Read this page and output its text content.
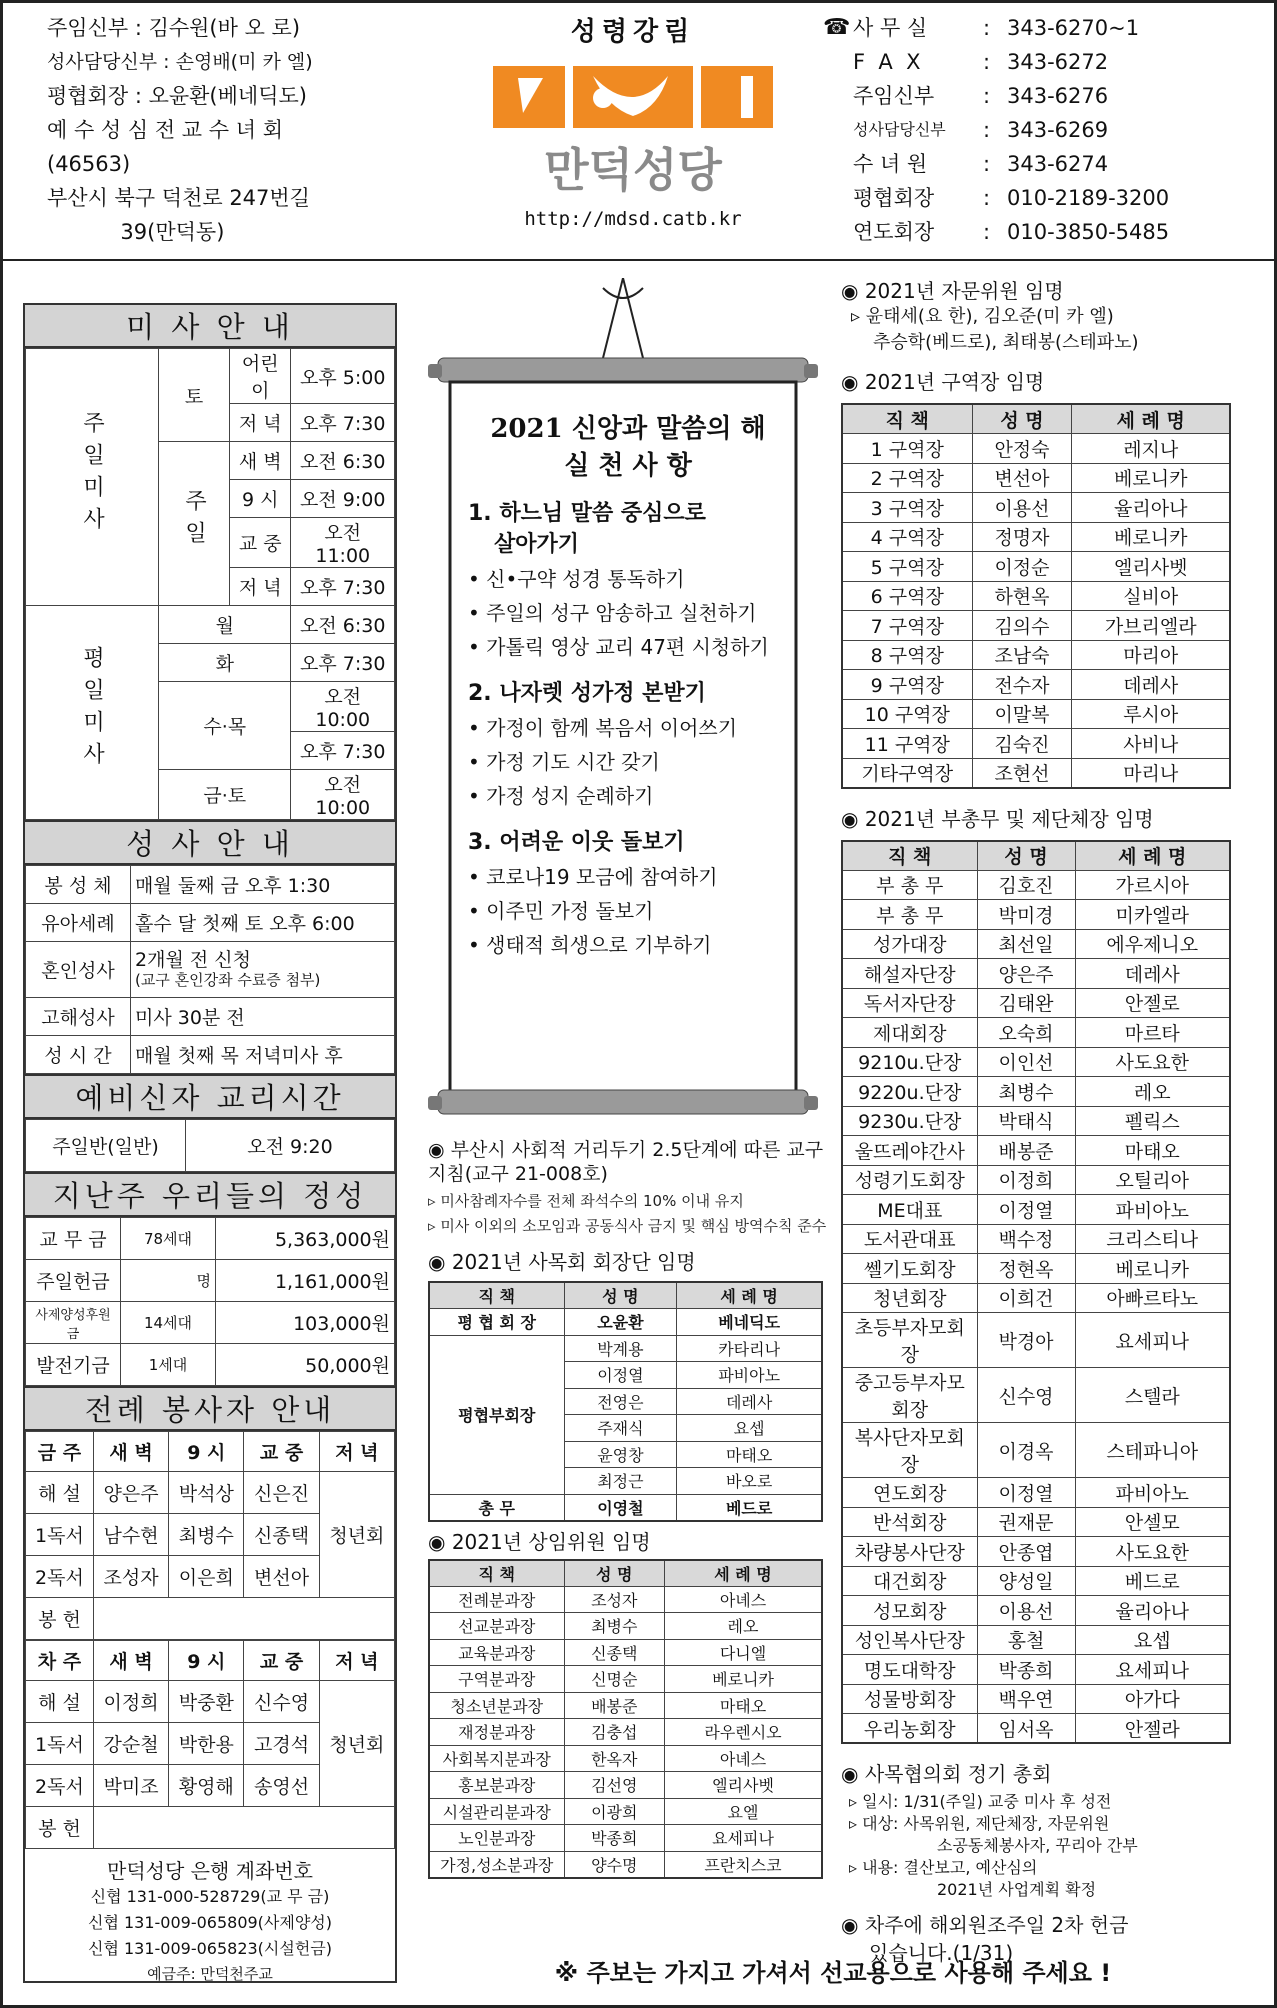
주임신부 : 김수원(바 오 로)
성사담당신부 : 손영배(미 카 엘)
평협회장 : 오윤환(베네딕도)
예 수 성 심 전 교 수 녀 회
(46563)
부산시 북구 덕천로 247번길
39(만덕동)
성령강림
만덕성당
http://mdsd.catb.kr
☎ 사 무 실	: 343-6270~1
F  A  X	: 343-6272
주임신부	: 343-6276
성사담당신부	: 343-6269
수 녀 원	: 343-6274
평협회장	: 010-2189-3200
연도회장	: 010-3850-5485
미 사 안 내
주일미사	토	어린이	오후 5:00
		저 녁	오후 7:30
	주일	새 벽	오전 6:30
		9 시	오전 9:00
		교 중	오전 11:00
		저 녁	오후 7:30
평일미사	월		오전 6:30
	화		오후 7:30
	수·목		오전 10:00
			오후 7:30
	금·토		오전 10:00
성 사 안 내
봉 성 체	매월 둘째 금 오후 1:30
유아세례	홀수 달 첫째 토 오후 6:00
혼인성사	2개월 전 신청
(교구 혼인강좌 수료증 첨부)

고해성사	미사 30분 전
성 시 간	매월 첫째 목 저녁미사 후
예비신자 교리시간
주일반(일반)	오전 9:20
지난주 우리들의 정성
교 무 금	78세대	5,363,000원
주일헌금	명	1,161,000원
사제양성후원금	14세대	103,000원
발전기금	1세대	50,000원
전례 봉사자 안내
금 주	새 벽	9 시	교 중	저 녁
해 설	양은주	박석상	신은진	청년회
1독서	남수현	최병수	신종택	
2독서	조성자	이은희	변선아	
봉 헌				
차 주	새 벽	9 시	교 중	저 녁
해 설	이정희	박중환	신수영	청년회
1독서	강순철	박한용	고경석	
2독서	박미조	황영해	송영선	
봉 헌				
만덕성당 은행 계좌번호
신협 131-000-528729(교 무 금)
신협 131-009-065809(사제양성)
신협 131-009-065823(시설헌금)
예금주: 만덕천주교
2021 신앙과 말씀의 해
실 천 사 항
1. 하느님 말씀 중심으로
살아가기
• 신•구약 성경 통독하기
• 주일의 성구 암송하고 실천하기
• 가톨릭 영상 교리 47편 시청하기
2. 나자렛 성가정 본받기
• 가정이 함께 복음서 이어쓰기
• 가정 기도 시간 갖기
• 가정 성지 순례하기
3. 어려운 이웃 돌보기
• 코로나19 모금에 참여하기
• 이주민 가정 돌보기
• 생태적 희생으로 기부하기
◉ 부산시 사회적 거리두기 2.5단계에 따른 교구 지침(교구 21-008호)
▹ 미사참례자수를 전체 좌석수의 10% 이내 유지
▹ 미사 이외의 소모임과 공동식사 금지 및 핵심 방역수칙 준수
◉ 2021년 사목회 회장단 임명
직 책	성 명	세 례 명
평 협 회 장	오윤환	베네딕도
평협부회장	박계용	카타리나
	이정열	파비아노
	전영은	데레사
	주재식	요셉
	윤영창	마태오
	최정근	바오로
총 무	이영철	베드로
◉ 2021년 상임위원 임명
직 책	성 명	세 례 명
전례분과장	조성자	아녜스
선교분과장	최병수	레오
교육분과장	신종택	다니엘
구역분과장	신명순	베로니카
청소년분과장	배봉준	마태오
재정분과장	김충섭	라우렌시오
사회복지분과장	한옥자	아녜스
홍보분과장	김선영	엘리사벳
시설관리분과장	이광희	요엘
노인분과장	박종희	요세피나
가정,성소분과장	양수명	프란치스코
◉ 2021년 자문위원 임명
▹ 윤태세(요 한), 김오준(미 카 엘)
추승학(베드로), 최태봉(스테파노)
◉ 2021년 구역장 임명
직 책	성 명	세 례 명
1 구역장	안정숙	레지나
2 구역장	변선아	베로니카
3 구역장	이용선	율리아나
4 구역장	정명자	베로니카
5 구역장	이정순	엘리사벳
6 구역장	하현옥	실비아
7 구역장	김의수	가브리엘라
8 구역장	조남숙	마리아
9 구역장	전수자	데레사
10 구역장	이말복	루시아
11 구역장	김숙진	사비나
기타구역장	조현선	마리나
◉ 2021년 부총무 및 제단체장 임명
직 책	성 명	세 례 명
부 총 무	김호진	가르시아
부 총 무	박미경	미카엘라
성가대장	최선일	에우제니오
해설자단장	양은주	데레사
독서자단장	김태완	안젤로
제대회장	오숙희	마르타
9210u.단장	이인선	사도요한
9220u.단장	최병수	레오
9230u.단장	박태식	펠릭스
울뜨레야간사	배봉준	마태오
성령기도회장	이정희	오틸리아
ME대표	이정열	파비아노
도서관대표	백수정	크리스티나
쎌기도회장	정현옥	베로니카
청년회장	이희건	아빠르타노
초등부자모회장	박경아	요세피나
중고등부자모회장	신수영	스텔라
복사단자모회장	이경옥	스테파니아
연도회장	이정열	파비아노
반석회장	권재문	안셀모
차량봉사단장	안종엽	사도요한
대건회장	양성일	베드로
성모회장	이용선	율리아나
성인복사단장	홍철	요셉
명도대학장	박종희	요세피나
성물방회장	백우연	아가다
우리농회장	임서옥	안젤라
◉ 사목협의회 정기 총회
▹ 일시: 1/31(주일) 교중 미사 후 성전
▹ 대상: 사목위원, 제단체장, 자문위원
소공동체봉사자, 꾸리아 간부
▹ 내용: 결산보고, 예산심의
2021년 사업계획 확정
◉ 차주에 해외원조주일 2차 헌금
있습니다.(1/31)
※ 주보는 가지고 가셔서 선교용으로 사용해 주세요 !
